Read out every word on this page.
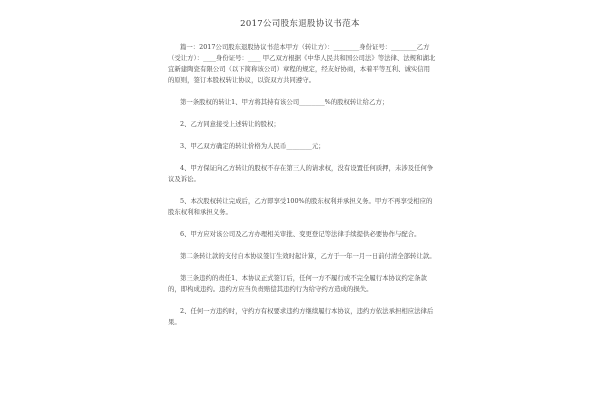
2017公司股东退股协议书范本

篇一：2017公司股东退股协议书范本甲方（转让方）：________身份证号：________乙方（受让方）：____身份证号：____ 甲乙双方根据《中华人民共和国公司法》等法律、法规和湖北宜新建陶瓷有限公司（以下简称该公司）章程的规定，经友好协商，本着平等互利、诚实信用的原则，签订本股权转让协议，以资双方共同遵守。

第一条股权的转让1、甲方将其持有该公司________%的股权转让给乙方；

2、乙方同意接受上述转让的股权；

3、甲乙双方确定的转让价格为人民币________元；

4、甲方保证向乙方转让的股权不存在第三人的请求权，没有设置任何质押，未涉及任何争议及诉讼。

5、本次股权转让完成后，乙方即享受100%的股东权利并承担义务。甲方不再享受相应的股东权利和承担义务。

6、甲方应对该公司及乙方办理相关审批、变更登记等法律手续提供必要协作与配合。

第二条转让款的支付自本协议签订生效时起计算，乙方于一年一月一日前付清全部转让款。

第三条违约的责任1、本协议正式签订后，任何一方不履行或不完全履行本协议约定条款的，即构成违约。违约方应当负责赔偿其违约行为给守约方造成的损失。

2、任何一方违约时，守约方有权要求违约方继续履行本协议，违约方依法承担相应法律后果。
